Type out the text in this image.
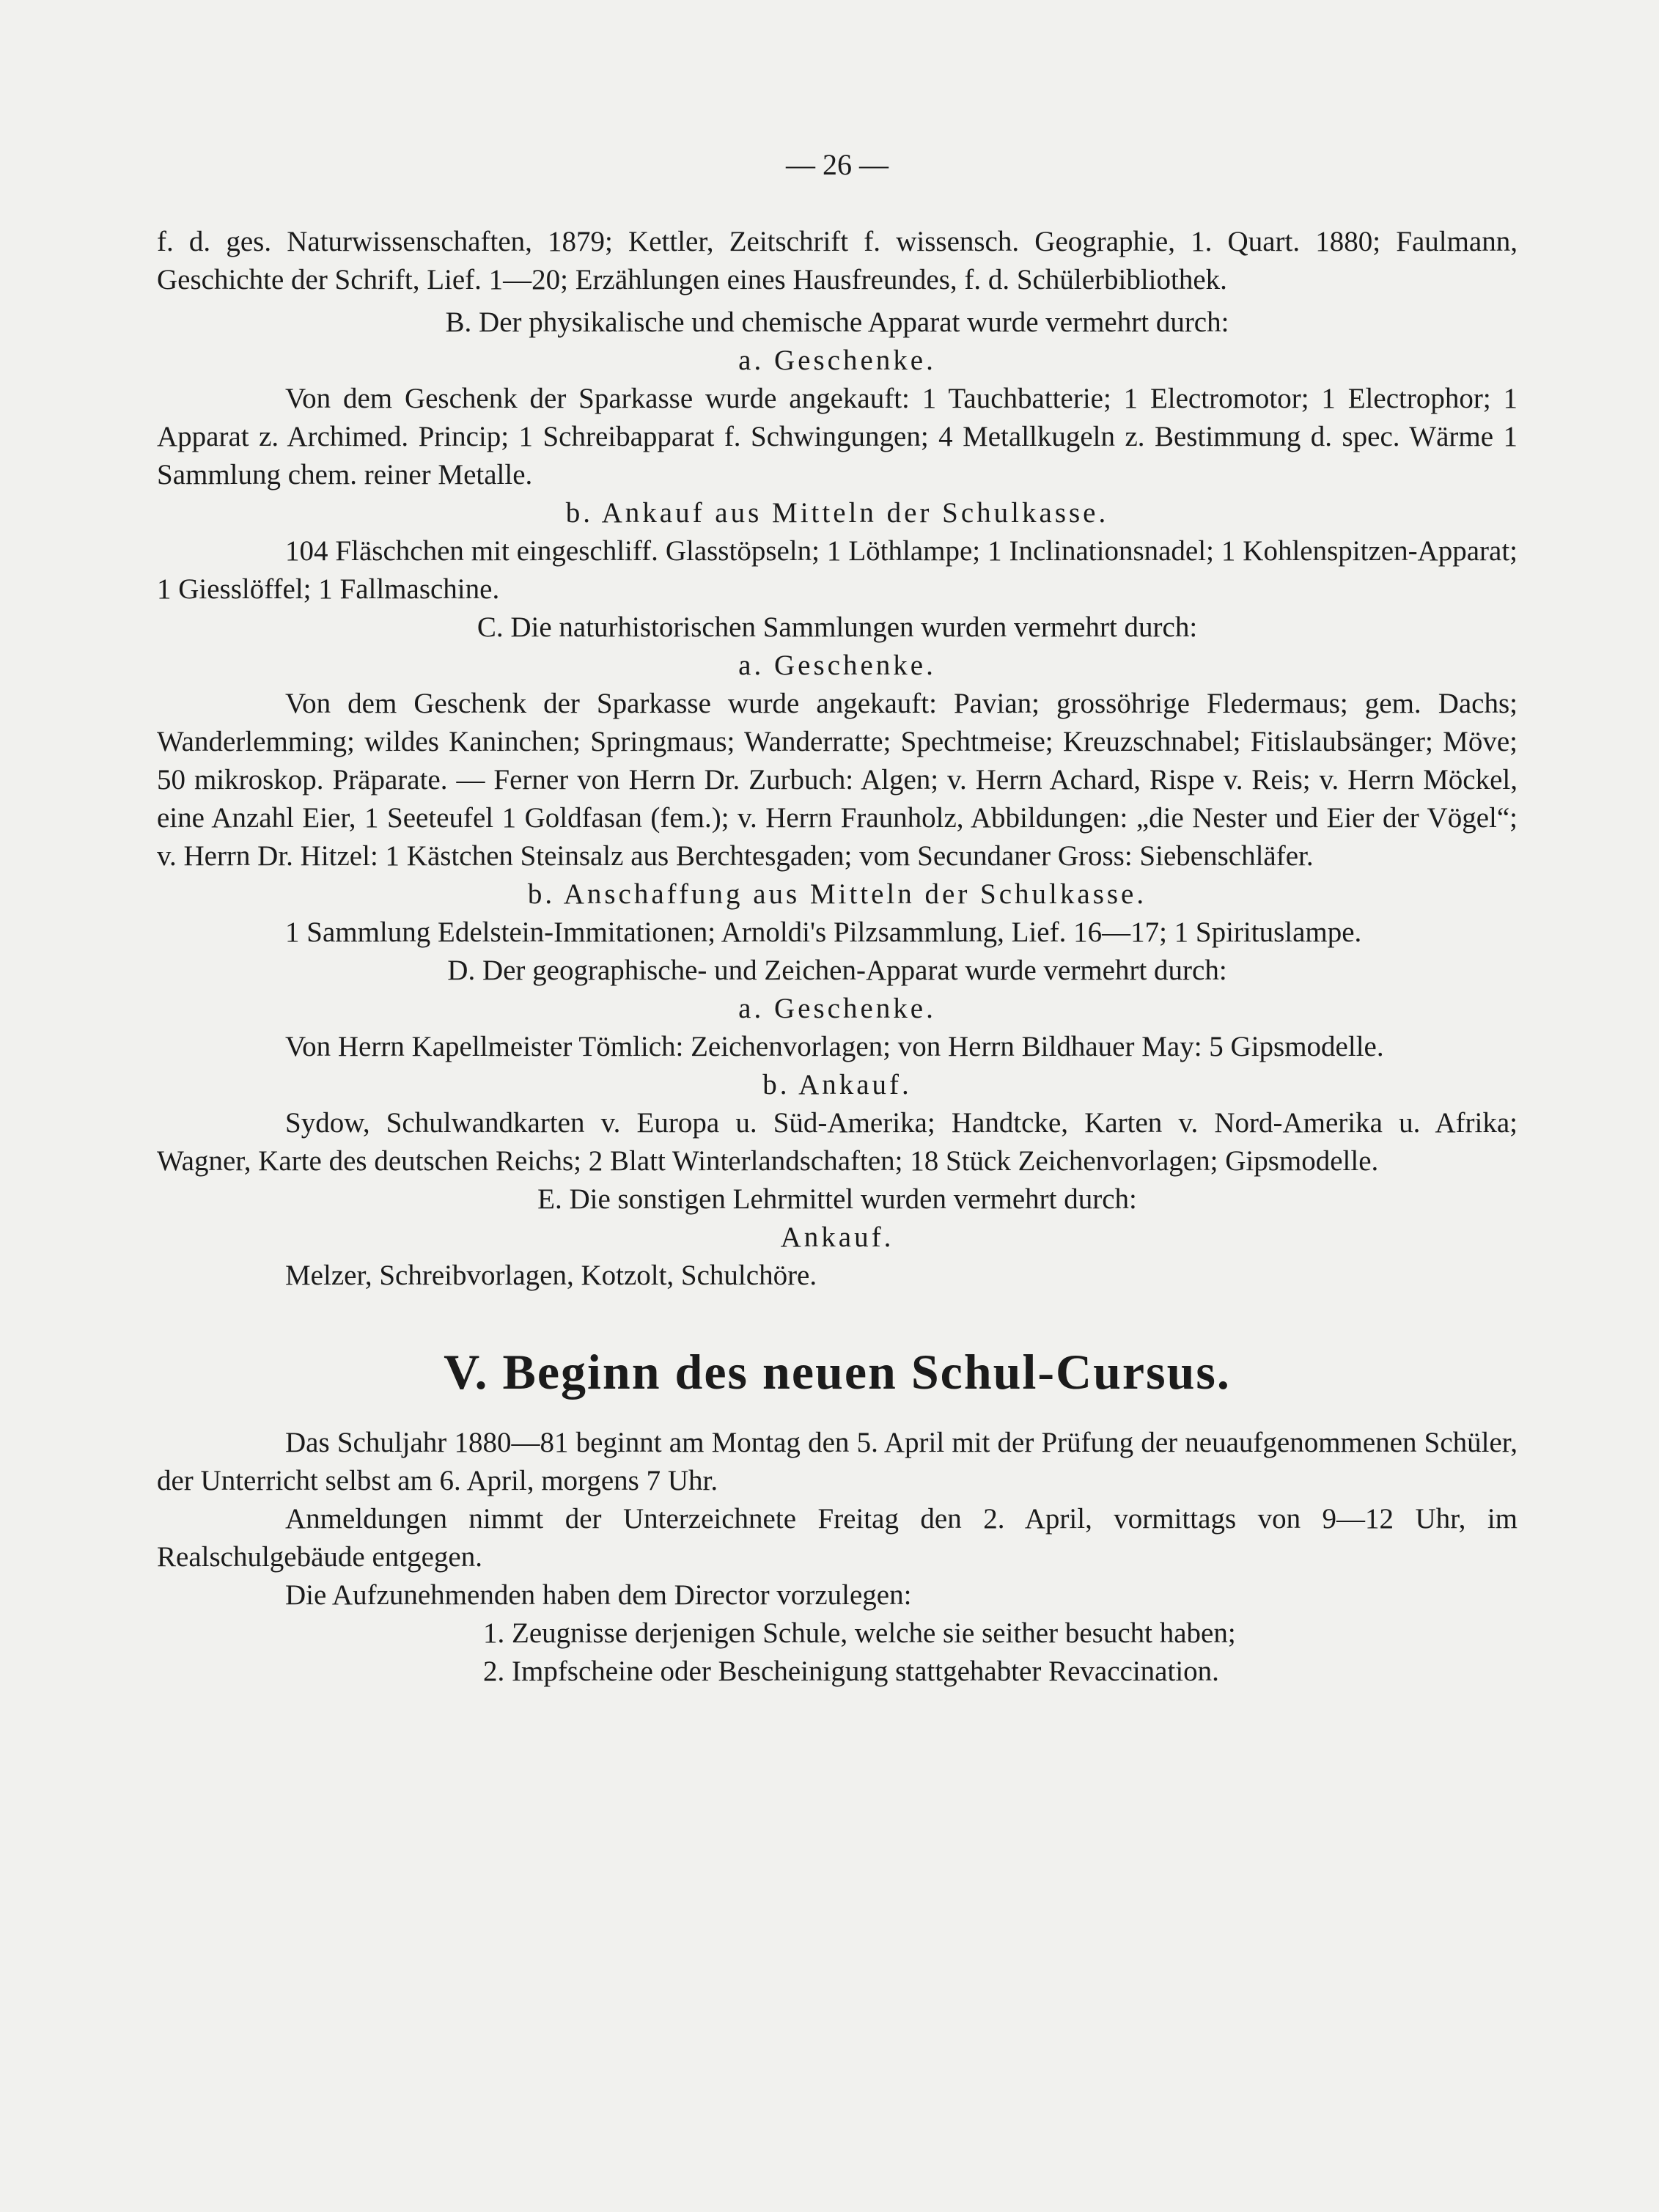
— 26 —

f. d. ges. Naturwissenschaften, 1879; Kettler, Zeitschrift f. wissensch. Geographie, 1. Quart. 1880; Faulmann, Geschichte der Schrift, Lief. 1—20; Erzählungen eines Hausfreundes, f. d. Schülerbibliothek.

B. Der physikalische und chemische Apparat wurde vermehrt durch:

a. Geschenke.

Von dem Geschenk der Sparkasse wurde angekauft: 1 Tauchbatterie; 1 Electromotor; 1 Electrophor; 1 Apparat z. Archimed. Princip; 1 Schreibapparat f. Schwingungen; 4 Metallkugeln z. Bestimmung d. spec. Wärme 1 Sammlung chem. reiner Metalle.

b. Ankauf aus Mitteln der Schulkasse.

104 Fläschchen mit eingeschliff. Glasstöpseln; 1 Löthlampe; 1 Inclinationsnadel; 1 Kohlenspitzen-Apparat; 1 Giesslöffel; 1 Fallmaschine.

C. Die naturhistorischen Sammlungen wurden vermehrt durch:

a. Geschenke.

Von dem Geschenk der Sparkasse wurde angekauft: Pavian; grossöhrige Fledermaus; gem. Dachs; Wanderlemming; wildes Kaninchen; Springmaus; Wanderratte; Spechtmeise; Kreuzschnabel; Fitislaubsänger; Möve; 50 mikroskop. Präparate. — Ferner von Herrn Dr. Zurbuch: Algen; v. Herrn Achard, Rispe v. Reis; v. Herrn Möckel, eine Anzahl Eier, 1 Seeteufel 1 Goldfasan (fem.); v. Herrn Fraunholz, Abbildungen: „die Nester und Eier der Vögel“; v. Herrn Dr. Hitzel: 1 Kästchen Steinsalz aus Berchtesgaden; vom Secundaner Gross: Siebenschläfer.

b. Anschaffung aus Mitteln der Schulkasse.

1 Sammlung Edelstein-Immitationen; Arnoldi's Pilzsammlung, Lief. 16—17; 1 Spirituslampe.

D. Der geographische- und Zeichen-Apparat wurde vermehrt durch:

a. Geschenke.

Von Herrn Kapellmeister Tömlich: Zeichenvorlagen; von Herrn Bildhauer May: 5 Gipsmodelle.

b. Ankauf.

Sydow, Schulwandkarten v. Europa u. Süd-Amerika; Handtcke, Karten v. Nord-Amerika u. Afrika; Wagner, Karte des deutschen Reichs; 2 Blatt Winterlandschaften; 18 Stück Zeichenvorlagen; Gipsmodelle.

E. Die sonstigen Lehrmittel wurden vermehrt durch:

Ankauf.

Melzer, Schreibvorlagen, Kotzolt, Schulchöre.

V. Beginn des neuen Schul-Cursus.

Das Schuljahr 1880—81 beginnt am Montag den 5. April mit der Prüfung der neuaufgenommenen Schüler, der Unterricht selbst am 6. April, morgens 7 Uhr.

Anmeldungen nimmt der Unterzeichnete Freitag den 2. April, vormittags von 9—12 Uhr, im Realschulgebäude entgegen.

Die Aufzunehmenden haben dem Director vorzulegen:

1. Zeugnisse derjenigen Schule, welche sie seither besucht haben;

2. Impfscheine oder Bescheinigung stattgehabter Revaccination.
